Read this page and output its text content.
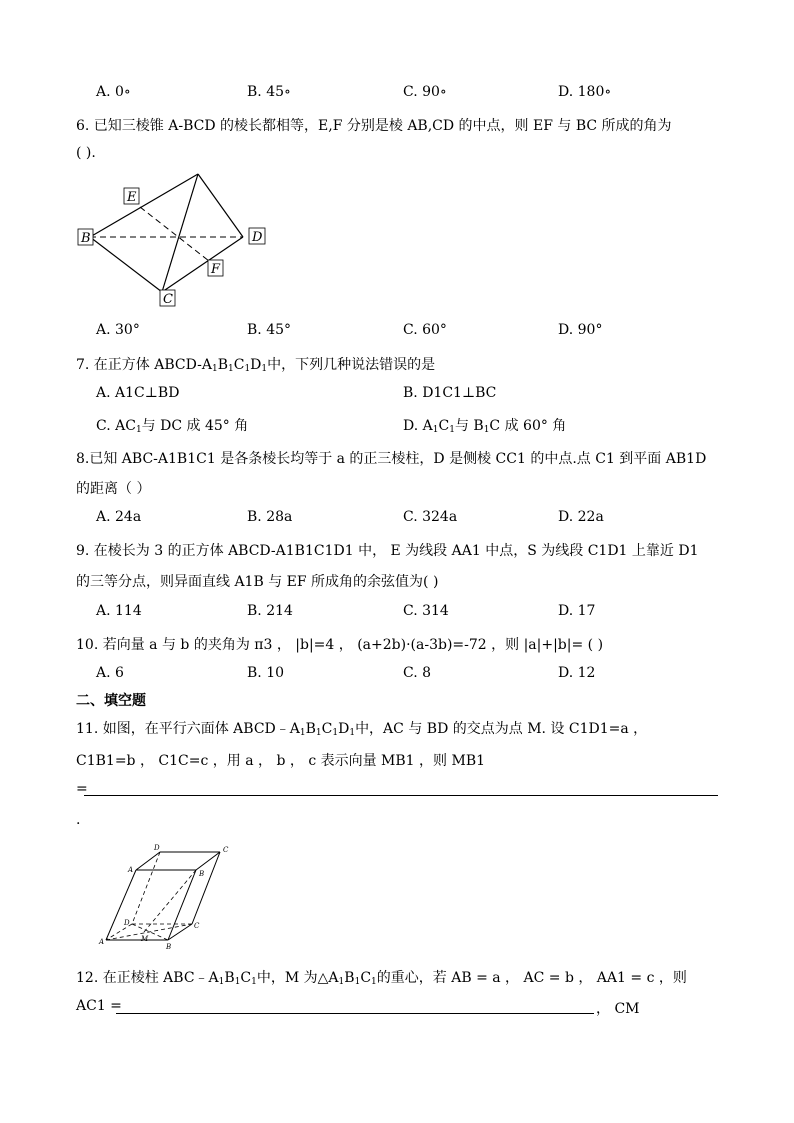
A. 0∘	B. 45∘	C. 90∘	D. 180∘
6. 已知三棱锥 A-BCD 的棱长都相等，E,F 分别是棱 AB,CD 的中点，则 EF 与 BC 所成的角为
( ).
E
B	D
F
C
A. 30°	B. 45°	C. 60°	D. 90°
7. 在正方体 ABCD-$A_1B_1C_1D_1$中，下列几种说法错误的是
A. A1C⊥BD	B. D1C1⊥BC
C. $AC_1$与 DC 成 45° 角	D. $A_1C_1$与 $B_1C$ 成 60° 角
8.已知 ABC-A1B1C1 是各条棱长均等于 a 的正三棱柱，D 是侧棱 CC1 的中点.点 C1 到平面 AB1D
的距离（ ）
A. 24a	B. 28a	C. 324a	D. 22a
9. 在棱长为 3 的正方体 ABCD-A1B1C1D1 中， E 为线段 AA1 中点，S 为线段 C1D1 上靠近 D1
的三等分点，则异面直线 A1B 与 EF 所成角的余弦值为( )
A. 114	B. 214	C. 314	D. 17
10. 若向量 a 与 b 的夹角为 π3 ， |b|=4 ， (a+2b)·(a-3b)=-72 ，则 |a|+|b|= ( )
A. 6	B. 10	C. 8	D. 12
二、填空题
11. 如图，在平行六面体 $ABCD﹣A_1B_1C_1D_1$中，AC 与 BD 的交点为点 M. 设 C1D1=a ，
C1B1=b ， C1C=c ，用 a ， b ， c 表示向量 MB1 ，则 MB1
=
.
D	C
A	B
D
M
C
A
B
12. 在正棱柱 $ABC﹣A_1B_1C_1$中，M 为$\triangle A_1B_1C_1$的重心，若 AB = a ， AC = b ， AA1 = c ，则
AC1 =	， CM
